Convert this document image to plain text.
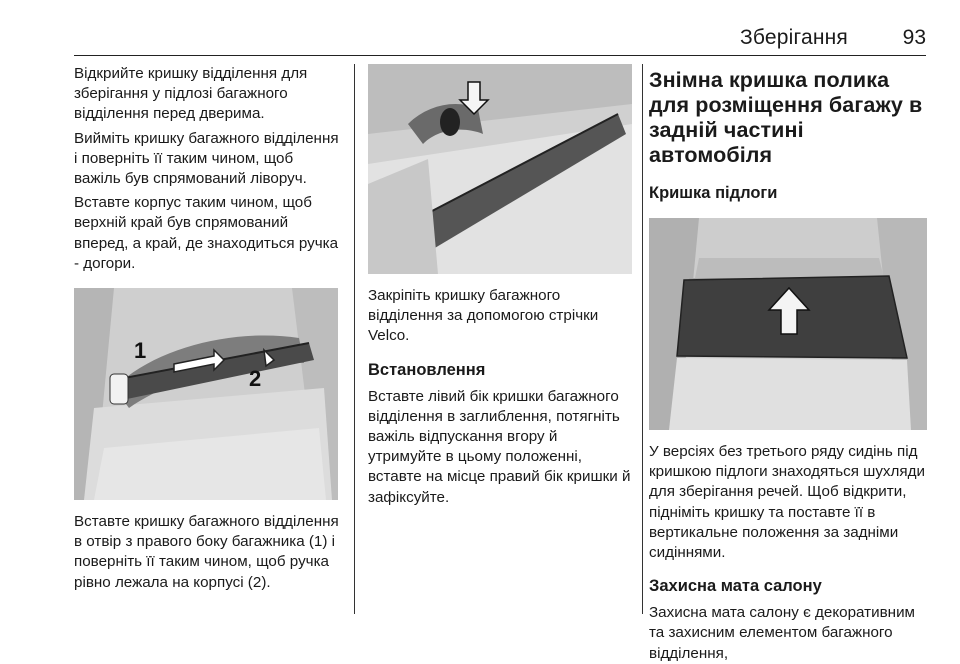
Зберігання	93

Відкрийте кришку відділення для зберігання у підлозі багажного відділення перед дверима.

Вийміть кришку багажного відділення і поверніть її таким чином, щоб важіль був спрямований ліворуч.

Вставте корпус таким чином, щоб верхній край був спрямований вперед, а край, де знаходиться ручка - догори.

1
2

Вставте кришку багажного відділення в отвір з правого боку багажника (1) і поверніть її таким чином, щоб ручка рівно лежала на корпусі (2).

Закріпіть кришку багажного відділення за допомогою стрічки Velco.

Встановлення

Вставте лівий бік кришки багажного відділення в заглиблення, потягніть важіль відпускання вгору й утримуйте в цьому положенні, вставте на місце правий бік кришки й зафіксуйте.

Знімна кришка полика для розміщення багажу в задній частині автомобіля
Кришка підлоги

У версіях без третього ряду сидінь під кришкою підлоги знаходяться шухляди для зберігання речей. Щоб відкрити, підніміть кришку та поставте її в вертикальне положення за задніми сидіннями.

Захисна мата салону

Захисна мата салону є декоративним та захисним елементом багажного відділення,
